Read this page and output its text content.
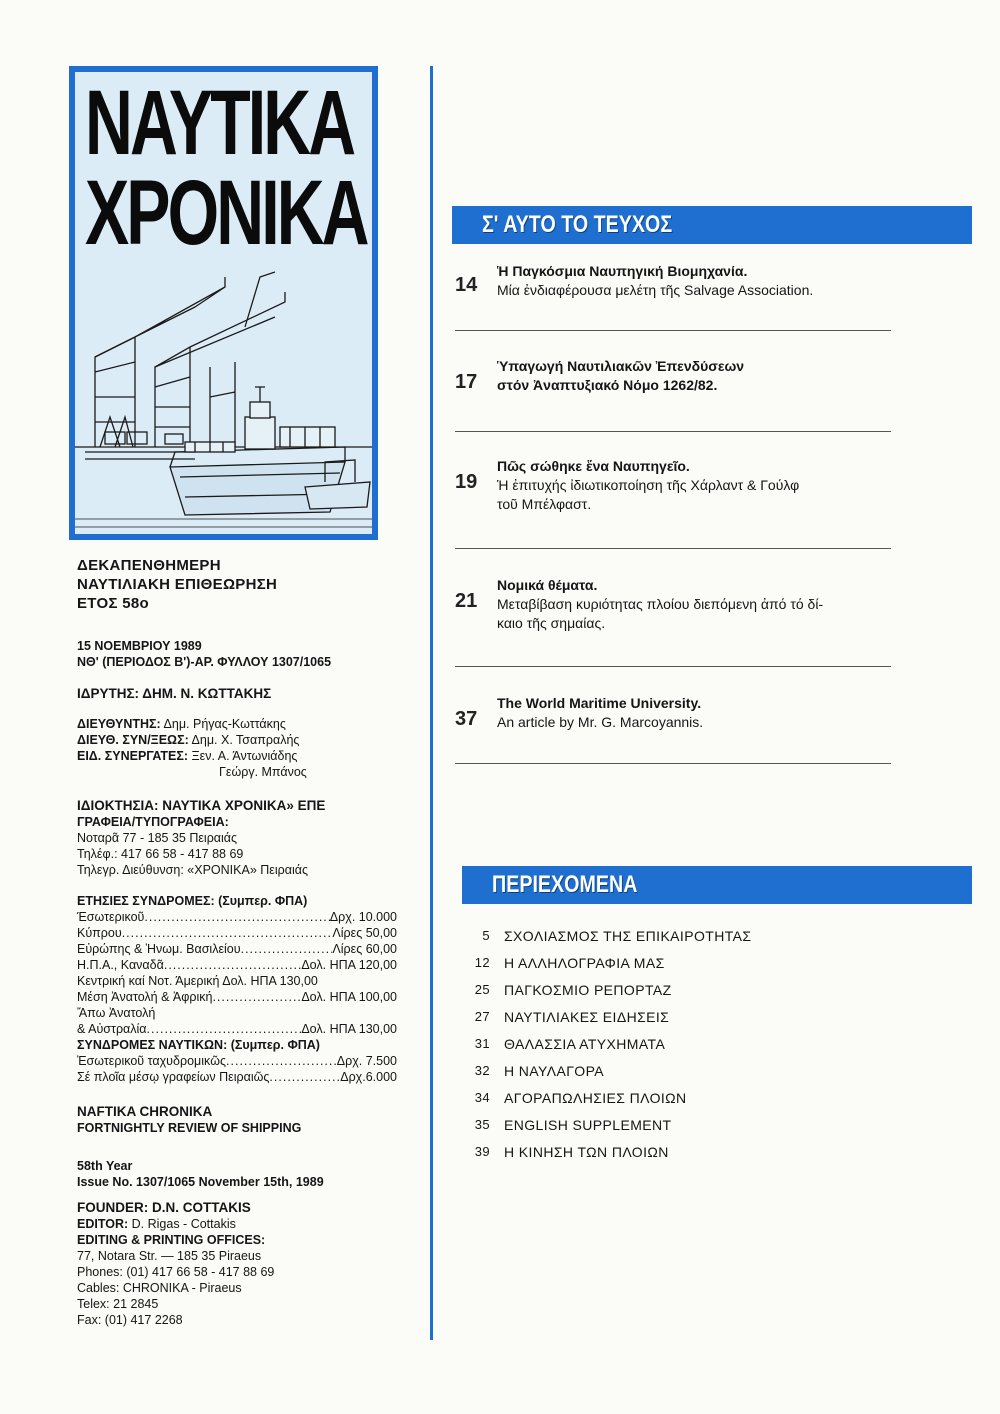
ΝΑΥΤΙΚΑ
ΧΡΟΝΙΚΑ
ΔΕΚΑΠΕΝΘΗΜΕΡΗ
ΝΑΥΤΙΛΙΑΚΗ ΕΠΙΘΕΩΡΗΣΗ
ΕΤΟΣ 58ο
15 ΝΟΕΜΒΡΙΟΥ 1989
ΝΘ' (ΠΕΡΙΟΔΟΣ Β')-ΑΡ. ΦΥΛΛΟΥ 1307/1065
ΙΔΡΥΤΗΣ: ΔΗΜ. Ν. ΚΩΤΤΑΚΗΣ
ΔΙΕΥΘΥΝΤΗΣ: Δημ. Ρήγας-Κωττάκης
ΔΙΕΥΘ. ΣΥΝ/ΞΕΩΣ: Δημ. Χ. Τσαπραλής
ΕΙΔ. ΣΥΝΕΡΓΑΤΕΣ: Ξεν. Α. Άντωνιάδης
Γεώργ. Μπάνος
ΙΔΙΟΚΤΗΣΙΑ: ΝΑΥΤΙΚΑ ΧΡΟΝΙΚΑ» ΕΠΕ
ΓΡΑΦΕΙΑ/ΤΥΠΟΓΡΑΦΕΙΑ:
Νοταρᾶ 77 - 185 35 Πειραιάς
Τηλέφ.: 417 66 58 - 417 88 69
Τηλεγρ. Διεύθυνση: «ΧΡΟΝΙΚΑ» Πειραιάς
ΕΤΗΣΙΕΣ ΣΥΝΔΡΟΜΕΣ: (Συμπερ. ΦΠΑ)
Έσωτερικοῦ .....	Δρχ. 10.000
Κύπρου .....	Λίρες 50,00
Εὐρώπης & Ἡνωμ. Βασιλείου .....	Λίρες 60,00
Η.Π.Α., Καναδᾶ .....	Δολ. ΗΠΑ 120,00
Κεντρική καί Νοτ. Άμερική Δολ. ΗΠΑ 130,00
Μέση Ἀνατολή & Ἀφρική .....	Δολ. ΗΠΑ 100,00
Ἄπω Ἀνατολή
& Αὐστραλία .....	Δολ. ΗΠΑ 130,00
ΣΥΝΔΡΟΜΕΣ ΝΑΥΤΙΚΩΝ: (Συμπερ. ΦΠΑ)
Ἐσωτερικοῦ ταχυδρομικῶς .....	Δρχ. 7.500
Σέ πλοῖα μέσῳ γραφείων Πειραιῶς .....	Δρχ.6.000
NAFTIKA CHRONIKA
FORTNIGHTLY REVIEW OF SHIPPING
58th Year
Issue No. 1307/1065 November 15th, 1989
FOUNDER: D.N. COTTAKIS
EDITOR: D. Rigas - Cottakis
EDITING & PRINTING OFFICES:
77, Notara Str. — 185 35 Piraeus
Phones: (01) 417 66 58 - 417 88 69
Cables: CHRONIKA - Piraeus
Telex: 21 2845
Fax: (01) 417 2268
Σ' ΑΥΤΟ ΤΟ ΤΕΥΧΟΣ
14
Ἡ Παγκόσμια Ναυπηγική Βιομηχανία.
Μία ἐνδιαφέρουσα μελέτη τῆς Salvage Association.
17
Ὑπαγωγή Ναυτιλιακῶν Ἐπενδύσεων
στόν Ἀναπτυξιακό Νόμο 1262/82.
19
Πῶς σώθηκε ἕνα Ναυπηγεῖο.
Ἡ ἐπιτυχής ἰδιωτικοποίηση τῆς Χάρλαντ & Γούλφ
τοῦ Μπέλφαστ.
21
Νομικά θέματα.
Μεταβίβαση κυριότητας πλοίου διεπόμενη ἀπό τό δί-
καιο τῆς σημαίας.
37
The World Maritime University.
An article by Mr. G. Marcoyannis.
ΠΕΡΙΕΧΟΜΕΝΑ
5 ΣΧΟΛΙΑΣΜΟΣ ΤΗΣ ΕΠΙΚΑΙΡΟΤΗΤΑΣ
12 Η ΑΛΛΗΛΟΓΡΑΦΙΑ ΜΑΣ
25 ΠΑΓΚΟΣΜΙΟ ΡΕΠΟΡΤΑΖ
27 ΝΑΥΤΙΛΙΑΚΕΣ ΕΙΔΗΣΕΙΣ
31 ΘΑΛΑΣΣΙΑ ΑΤΥΧΗΜΑΤΑ
32 Η ΝΑΥΛΑΓΟΡΑ
34 ΑΓΟΡΑΠΩΛΗΣΙΕΣ ΠΛΟΙΩΝ
35 ENGLISH SUPPLEMENT
39 Η ΚΙΝΗΣΗ ΤΩΝ ΠΛΟΙΩΝ
